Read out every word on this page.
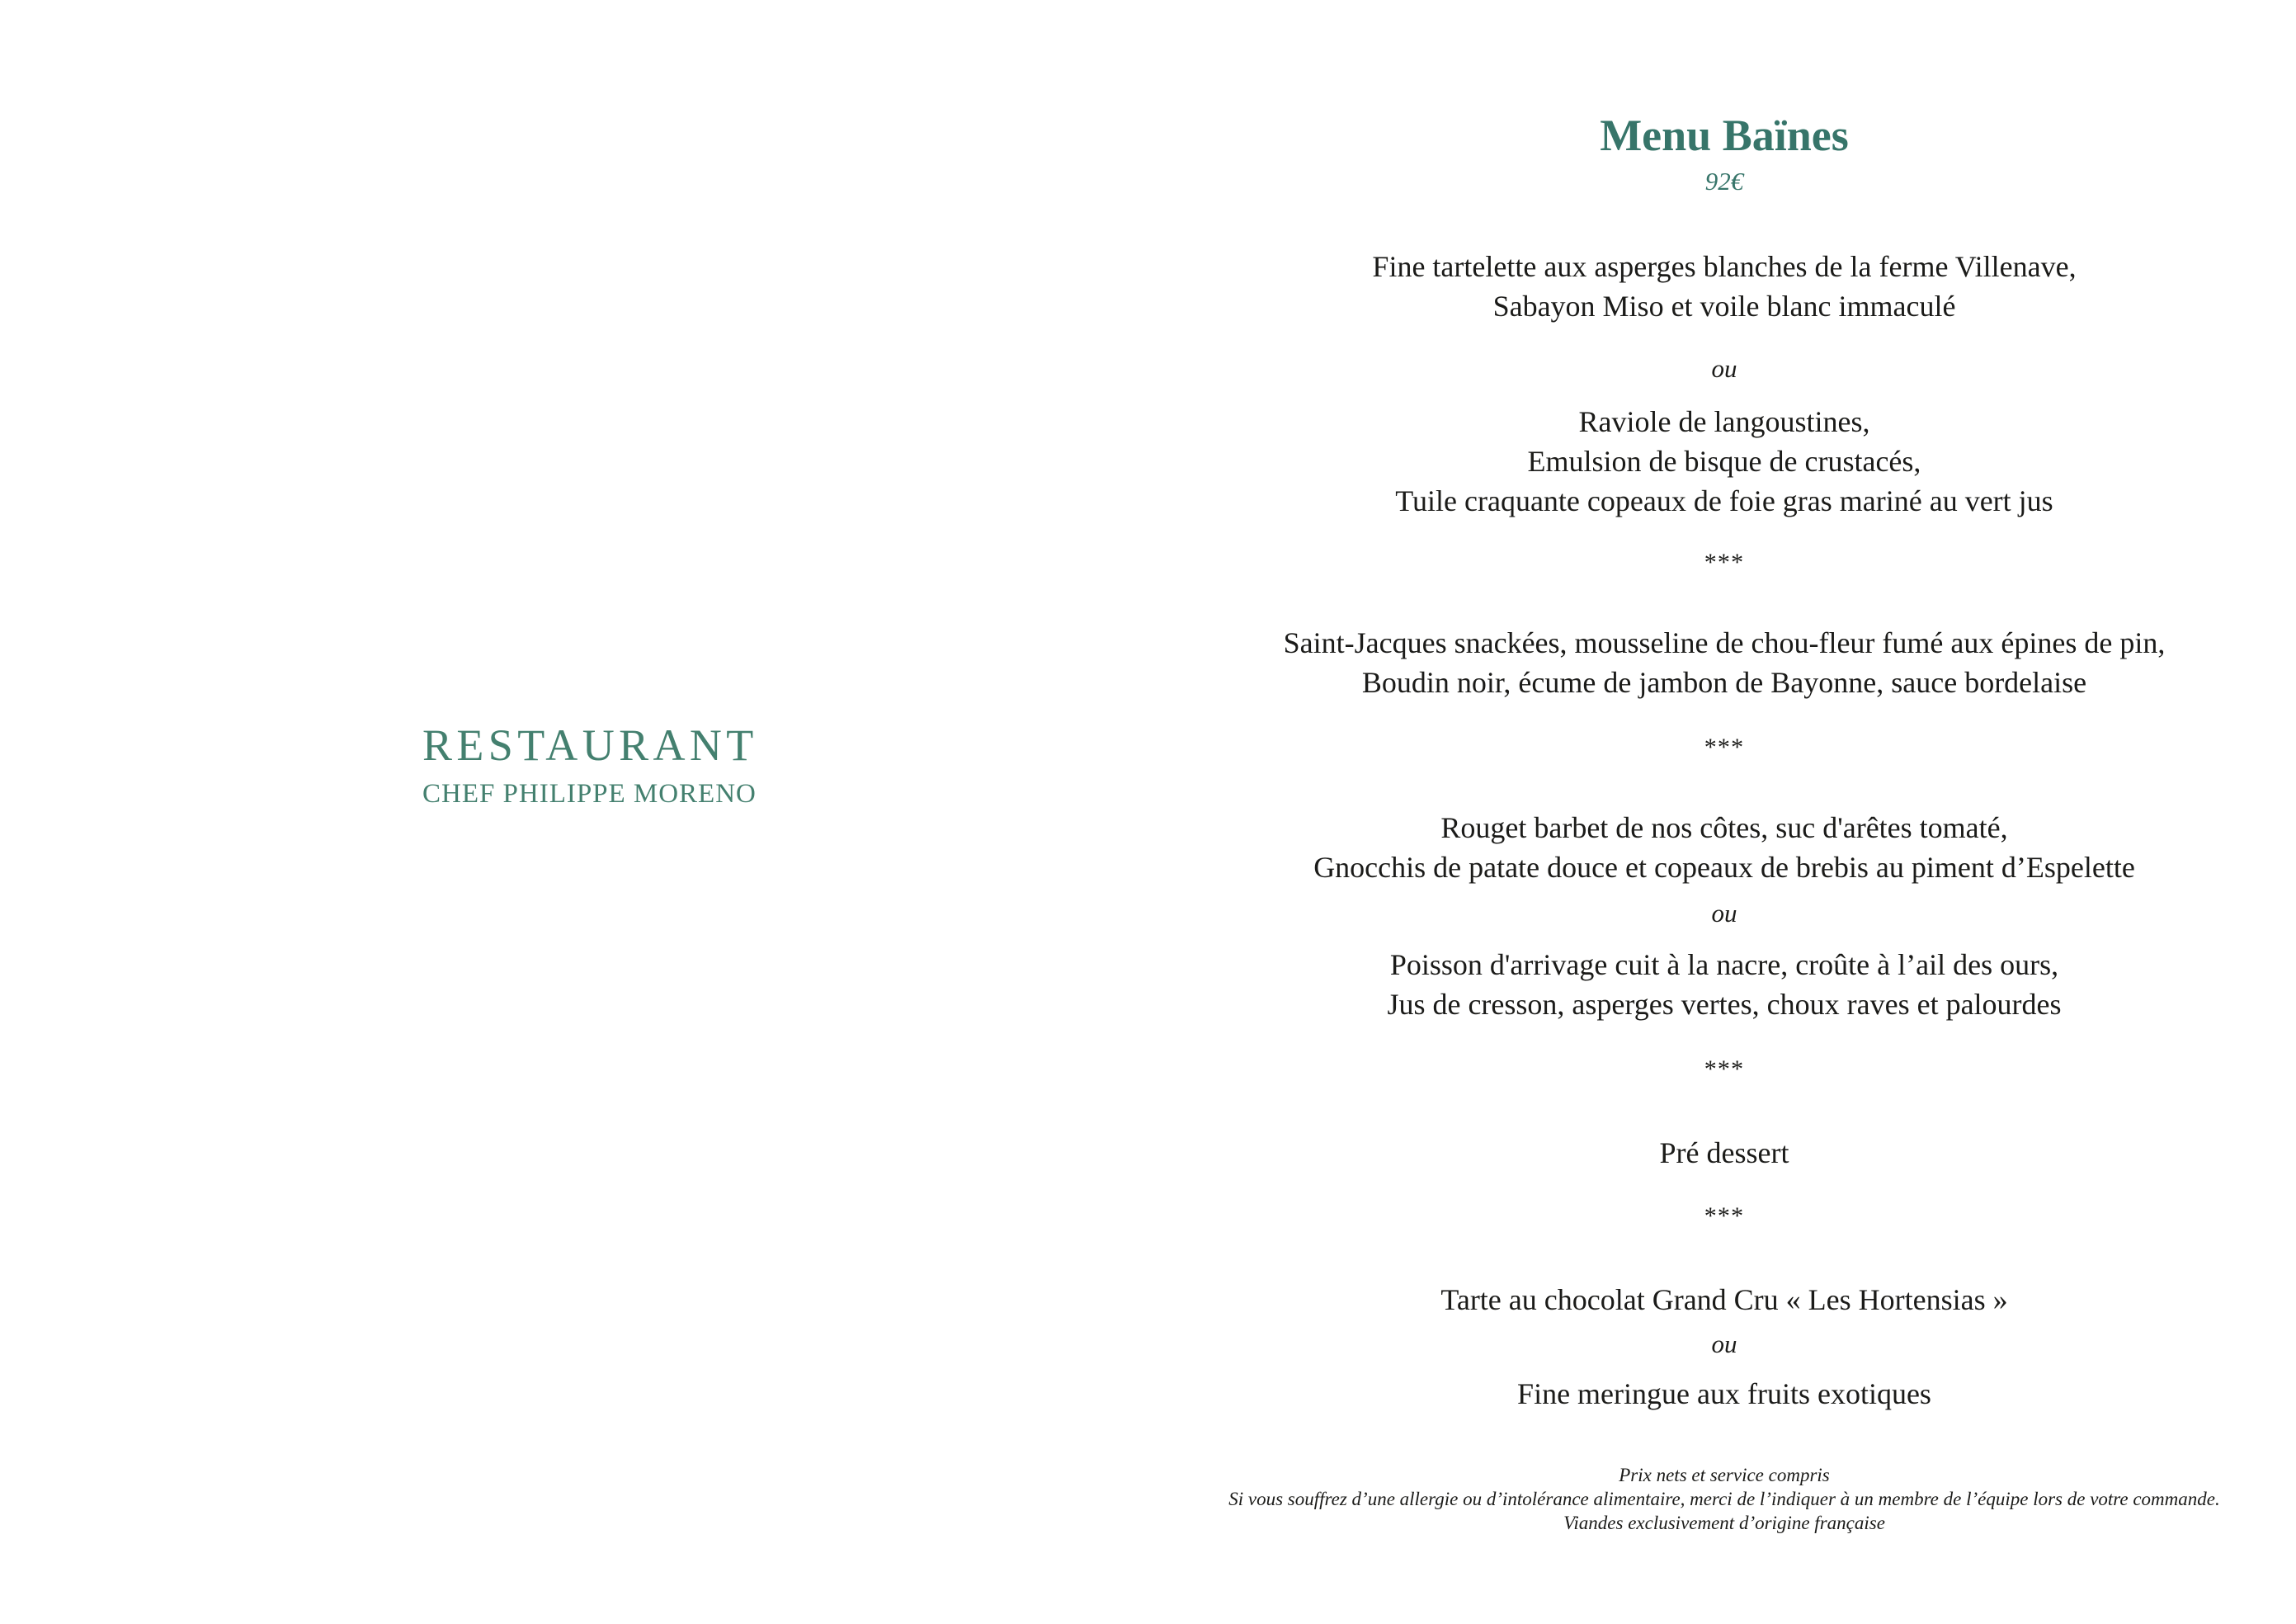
RESTAURANT
CHEF PHILIPPE MORENO
Menu Baïnes
92€
Fine tartelette aux asperges blanches de la ferme Villenave,
Sabayon Miso et voile blanc immaculé
ou
Raviole de langoustines,
Emulsion de bisque de crustacés,
Tuile craquante copeaux de foie gras mariné au vert jus
***
Saint-Jacques snackées, mousseline de chou-fleur fumé aux épines de pin,
Boudin noir, écume de jambon de Bayonne, sauce bordelaise
***
Rouget barbet de nos côtes, suc d'arêtes tomaté,
Gnocchis de patate douce et copeaux de brebis au piment d’Espelette
ou
Poisson d'arrivage cuit à la nacre, croûte à l’ail des ours,
Jus de cresson, asperges vertes, choux raves et palourdes
***
Pré dessert
***
Tarte au chocolat Grand Cru « Les Hortensias »
ou
Fine meringue aux fruits exotiques
Prix nets et service compris
Si vous souffrez d’une allergie ou d’intolérance alimentaire, merci de l’indiquer à un membre de l’équipe lors de votre commande.
Viandes exclusivement d’origine française
